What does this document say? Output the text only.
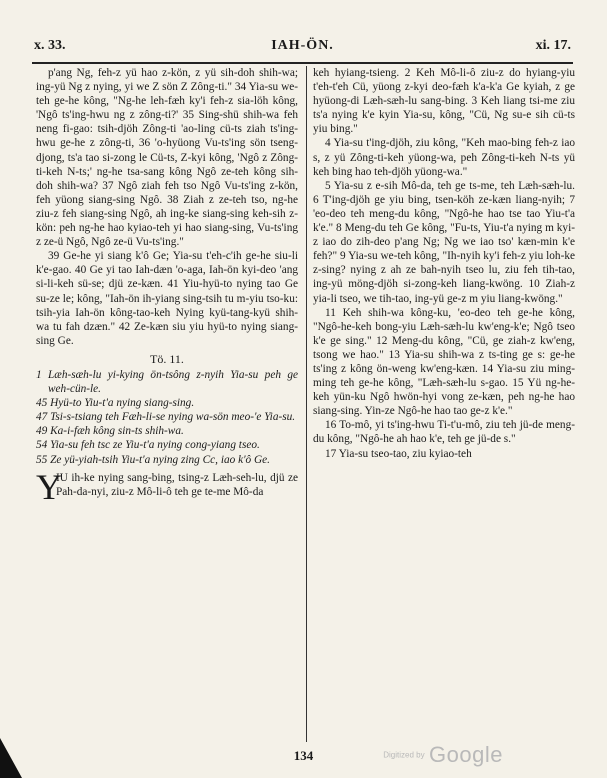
x. 33.	IAH-ÖN.	xi. 17.

p'ang Ng, feh-z yü hao z-kön, z yü sih-doh shih-wa; ing-yü Ng z nying, yi we Z sön Z Zông-ti." 34 Yia-su we-teh ge-he kông, "Ng-he leh-fæh ky'i feh-z sia-löh kông, 'Ngô ts'ing-hwu ng z zông-ti?' 35 Sing-shü shih-wa feh neng fi-gao: tsih-djöh Zông-ti 'ao-ling cü-ts ziah ts'ing-hwu ge-he z zông-ti, 36 'o-hyüong Vu-ts'ing sön tseng-djong, ts'a tao si-zong le Cü-ts, Z-kyi kông, 'Ngô z Zông-ti-keh N-ts;' ng-he tsa-sang kông Ngô ze-teh kông sih-doh shih-wa? 37 Ngô ziah feh tso Ngô Vu-ts'ing z-kön, feh yüong siang-sing Ngô. 38 Ziah z ze-teh tso, ng-he ziu-z feh siang-sing Ngô, ah ing-ke siang-sing keh-sih z-kön: peh ng-he hao kyiao-teh yi hao siang-sing, Vu-ts'ing z ze-ü Ngô, Ngô ze-ü Vu-ts'ing."

39 Ge-he yi siang k'ô Ge; Yia-su t'eh-c'ih ge-he siu-li k'e-gao. 40 Ge yi tao Iah-dæn 'o-aga, Iah-ön kyi-deo 'ang si-li-keh sü-se; djü ze-kæn. 41 Yiu-hyü-to nying tao Ge su-ze le; kông, "Iah-ön ih-yiang sing-tsih tu m-yiu tso-ku: tsih-yia Iah-ön kông-tao-keh Nying kyü-tang-kyü shih-wa tu fah dzæn." 42 Ze-kæn siu yiu hyü-to nying siang-sing Ge.

Tö. 11.

1 Læh-sæh-lu yi-kying ön-tsông z-nyih Yia-su peh ge weh-cün-le.

45 Hyü-to Yiu-t'a nying siang-sing.

47 Tsi-s-tsiang teh Fæh-li-se nying wa-sön meo-'e Yia-su.

49 Ka-i-fæh kông sin-ts shih-wa.

54 Yia-su feh tsc ze Yiu-t'a nying cong-yiang tseo.

55 Ze yü-yiah-tsih Yiu-t'a nying zing Cc, iao k'ô Ge.

Y

IU ih-ke nying sang-bing, tsing-z Læh-seh-lu, djü ze Pah-da-nyi, ziu-z Mô-li-ô teh ge te-me Mô-da

keh hyiang-tsieng. 2 Keh Mô-li-ô ziu-z do hyiang-yiu t'eh-t'eh Cü, yüong z-kyi deo-fæh k'a-k'a Ge kyiah, z ge hyüong-di Læh-sæh-lu sang-bing. 3 Keh liang tsi-me ziu ts'a nying k'e kyin Yia-su, kông, "Cü, Ng su-e sih cü-ts yiu bing."

4 Yia-su t'ing-djöh, ziu kông, "Keh mao-bing feh-z iao s, z yü Zông-ti-keh yüong-wa, peh Zông-ti-keh N-ts yü keh bing hao teh-djöh yüong-wa."

5 Yia-su z e-sih Mô-da, teh ge ts-me, teh Læh-sæh-lu. 6 T'ing-djöh ge yiu bing, tsen-köh ze-kæn liang-nyih; 7 'eo-deo teh meng-du kông, "Ngô-he hao tse tao Yiu-t'a k'e." 8 Meng-du teh Ge kông, "Fu-ts, Yiu-t'a nying m kyi-z iao do zih-deo p'ang Ng; Ng we iao tso' kæn-min k'e feh?" 9 Yia-su we-teh kông, "Ih-nyih ky'i feh-z yiu loh-ke z-sing? nying z ah ze bah-nyih tseo lu, ziu feh tih-tao, ing-yü möng-djöh si-zong-keh liang-kwöng. 10 Ziah-z yia-li tseo, we tih-tao, ing-yü ge-z m yiu liang-kwöng."

11 Keh shih-wa kông-ku, 'eo-deo teh ge-he kông, "Ngô-he-keh bong-yiu Læh-sæh-lu kw'eng-k'e; Ngô tseo k'e ge sing." 12 Meng-du kông, "Cü, ge ziah-z kw'eng, tsong we hao." 13 Yia-su shih-wa z ts-ting ge s: ge-he ts'ing z kông ön-weng kw'eng-kæn. 14 Yia-su ziu ming-ming teh ge-he kông, "Læh-sæh-lu s-gao. 15 Yü ng-he-keh yün-ku Ngô hwön-hyi vong ze-kæn, peh ng-he hao siang-sing. Yin-ze Ngô-he hao tao ge-z k'e."

16 To-mô, yi ts'ing-hwu Ti-t'u-mô, ziu teh jü-de meng-du kông, "Ngô-he ah hao k'e, teh ge jü-de s."

17 Yia-su tseo-tao, ziu kyiao-teh

134	Digitized by Google
